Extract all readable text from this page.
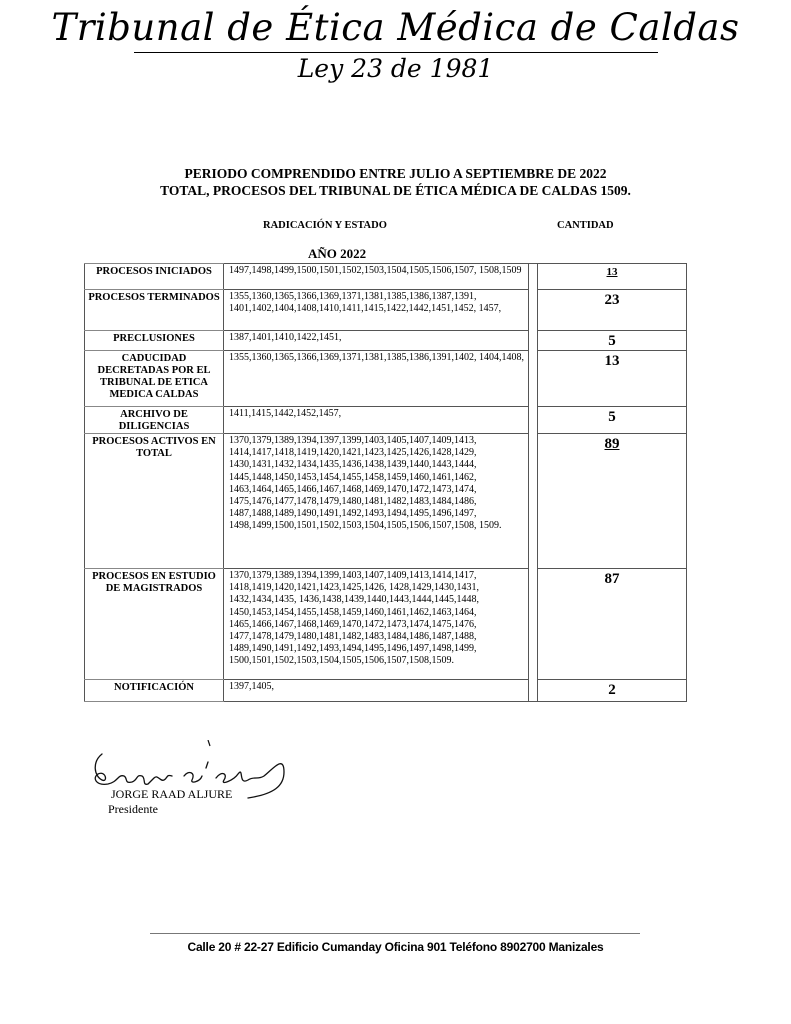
Tribunal de Ética Médica de Caldas
Ley 23 de 1981
PERIODO COMPRENDIDO ENTRE JULIO A SEPTIEMBRE DE 2022
TOTAL, PROCESOS DEL TRIBUNAL DE ÉTICA MÉDICA DE CALDAS 1509.
RADICACIÓN Y ESTADO	CANTIDAD
AÑO 2022
PROCESOS INICIADOS	1497,1498,1499,1500,1501,1502,1503,1504,1505,1506,1507, 1508,1509		13
PROCESOS TERMINADOS	1355,1360,1365,1366,1369,1371,1381,1385,1386,1387,1391, 1401,1402,1404,1408,1410,1411,1415,1422,1442,1451,1452, 1457,		23
PRECLUSIONES	1387,1401,1410,1422,1451,		5
CADUCIDAD DECRETADAS POR EL TRIBUNAL DE ETICA MEDICA CALDAS	1355,1360,1365,1366,1369,1371,1381,1385,1386,1391,1402, 1404,1408,		13
ARCHIVO DE DILIGENCIAS	1411,1415,1442,1452,1457,		5
PROCESOS ACTIVOS EN TOTAL	1370,1379,1389,1394,1397,1399,1403,1405,1407,1409,1413, 1414,1417,1418,1419,1420,1421,1423,1425,1426,1428,1429, 1430,1431,1432,1434,1435,1436,1438,1439,1440,1443,1444, 1445,1448,1450,1453,1454,1455,1458,1459,1460,1461,1462, 1463,1464,1465,1466,1467,1468,1469,1470,1472,1473,1474, 1475,1476,1477,1478,1479,1480,1481,1482,1483,1484,1486, 1487,1488,1489,1490,1491,1492,1493,1494,1495,1496,1497, 1498,1499,1500,1501,1502,1503,1504,1505,1506,1507,1508, 1509.		89
PROCESOS EN ESTUDIO DE MAGISTRADOS	1370,1379,1389,1394,1399,1403,1407,1409,1413,1414,1417, 1418,1419,1420,1421,1423,1425,1426, 1428,1429,1430,1431, 1432,1434,1435, 1436,1438,1439,1440,1443,1444,1445,1448, 1450,1453,1454,1455,1458,1459,1460,1461,1462,1463,1464, 1465,1466,1467,1468,1469,1470,1472,1473,1474,1475,1476, 1477,1478,1479,1480,1481,1482,1483,1484,1486,1487,1488, 1489,1490,1491,1492,1493,1494,1495,1496,1497,1498,1499, 1500,1501,1502,1503,1504,1505,1506,1507,1508,1509.		87
NOTIFICACIÓN	1397,1405,		2
JORGE RAAD ALJURE
Presidente
Calle 20 # 22-27 Edificio Cumanday Oficina 901 Teléfono 8902700 Manizales
